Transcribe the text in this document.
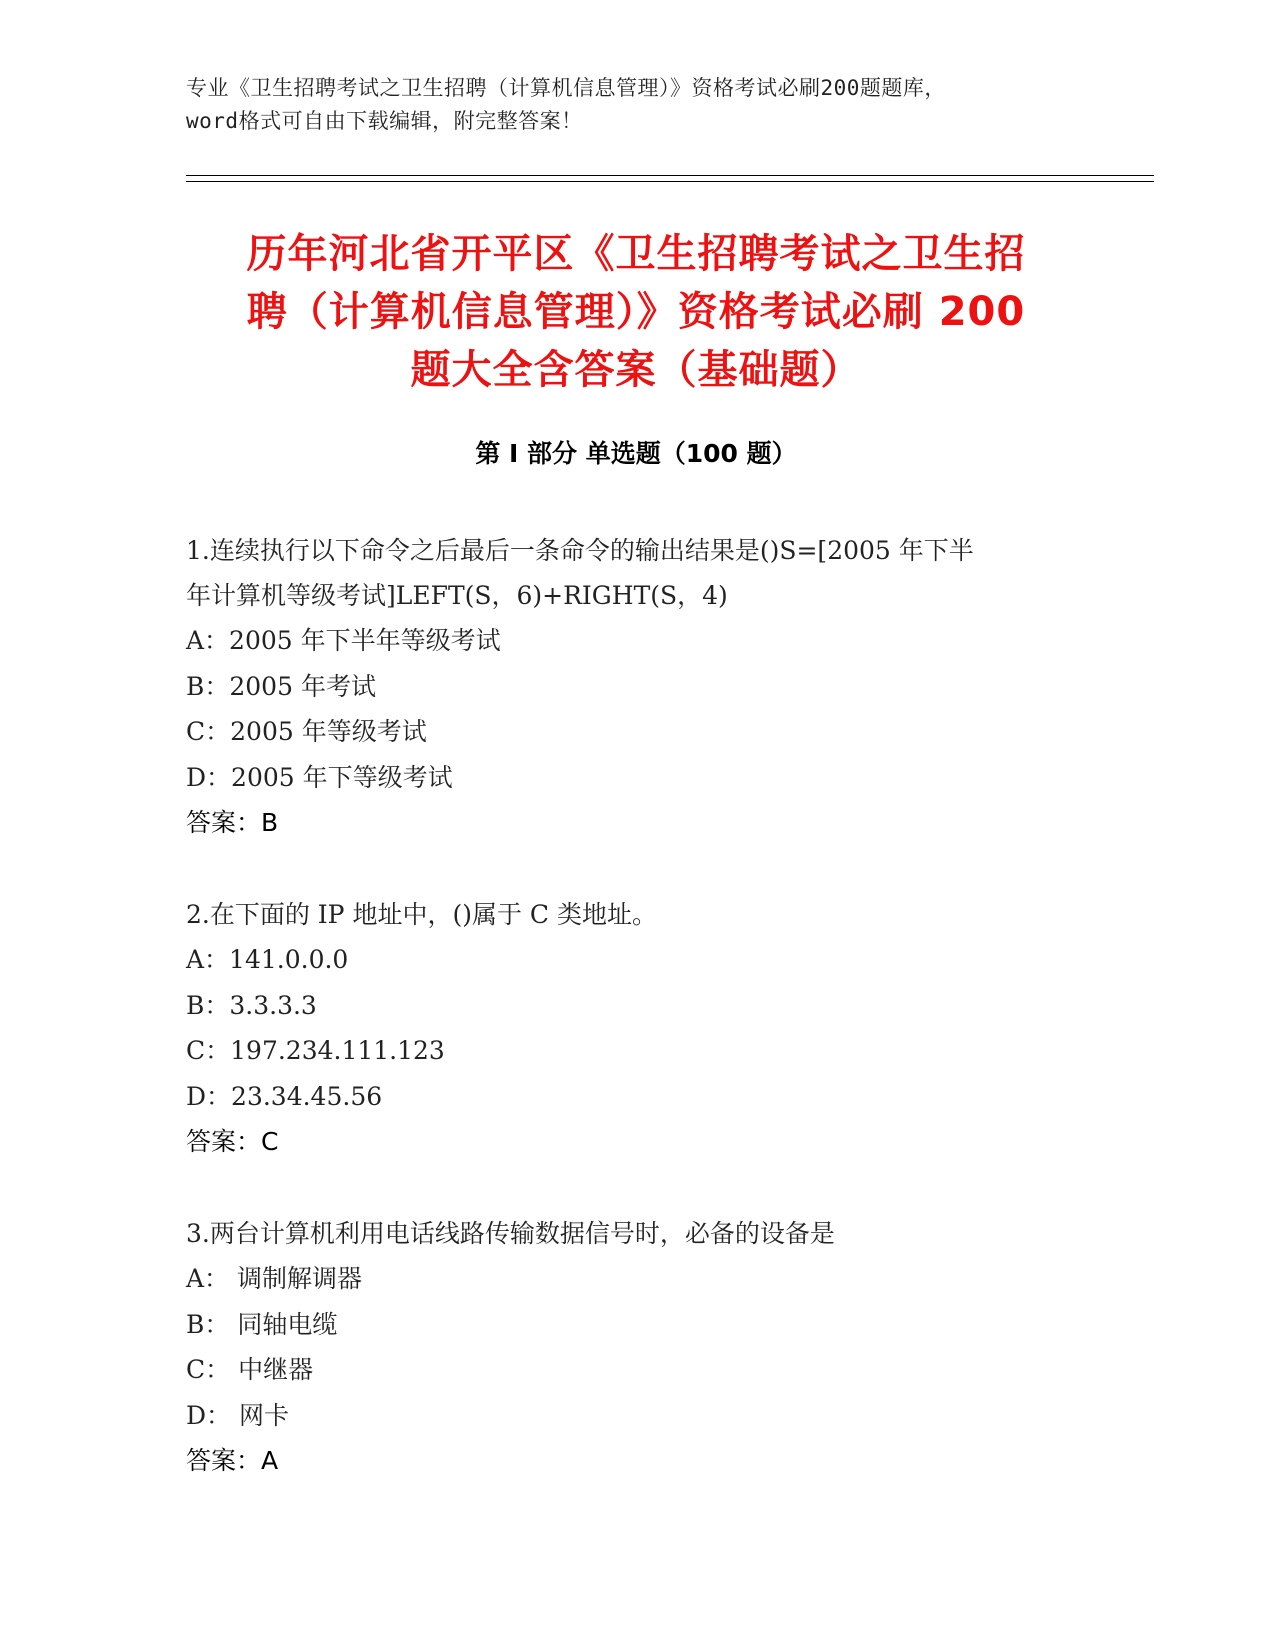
专业《卫生招聘考试之卫生招聘（计算机信息管理）》资格考试必刷200题题库，
word格式可自由下载编辑，附完整答案！
历年河北省开平区《卫生招聘考试之卫生招
聘（计算机信息管理）》资格考试必刷 200
题大全含答案（基础题）
第 I 部分 单选题（100 题）
1.连续执行以下命令之后最后一条命令的输出结果是()S=[2005 年下半
年计算机等级考试]LEFT(S，6)+RIGHT(S，4)
A：2005 年下半年等级考试
B：2005 年考试
C：2005 年等级考试
D：2005 年下等级考试
答案：B
2.在下面的 IP 地址中，()属于 C 类地址。
A：141.0.0.0
B：3.3.3.3
C：197.234.111.123
D：23.34.45.56
答案：C
3.两台计算机利用电话线路传输数据信号时，必备的设备是
A： 调制解调器
B： 同轴电缆
C： 中继器
D： 网卡
答案：A
